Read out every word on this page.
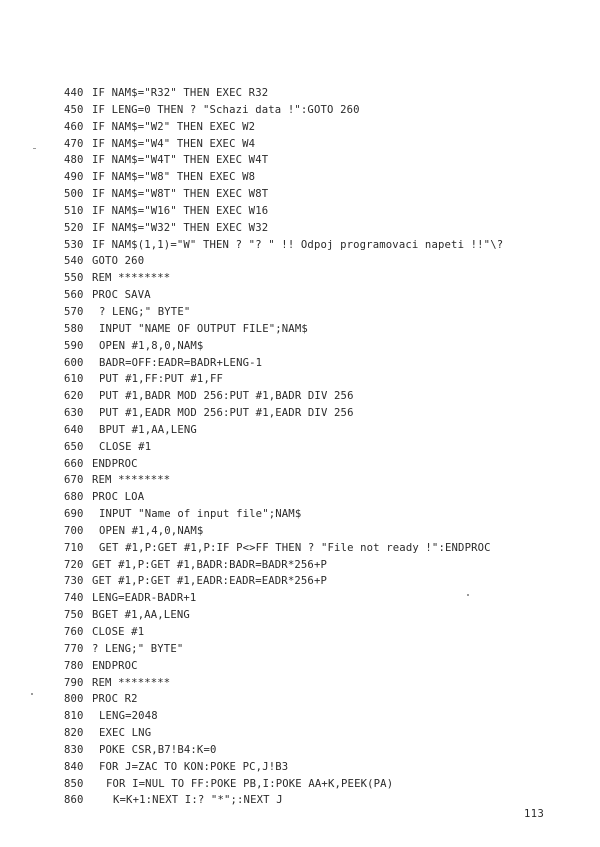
440 IF NAM$="R32" THEN EXEC R32
450 IF LENG=0 THEN ? "Schazi data !":GOTO 260
460 IF NAM$="W2" THEN EXEC W2
470 IF NAM$="W4" THEN EXEC W4
480 IF NAM$="W4T" THEN EXEC W4T
490 IF NAM$="W8" THEN EXEC W8
500 IF NAM$="W8T" THEN EXEC W8T
510 IF NAM$="W16" THEN EXEC W16
520 IF NAM$="W32" THEN EXEC W32
530 IF NAM$(1,1)="W" THEN ? "? " !! Odpoj programovaci napeti !!"\?
540 GOTO 260
550 REM ********
560 PROC SAVA
570 ? LENG;" BYTE"
580 INPUT "NAME OF OUTPUT FILE";NAM$
590 OPEN #1,8,0,NAM$
600 BADR=OFF:EADR=BADR+LENG-1
610 PUT #1,FF:PUT #1,FF
620 PUT #1,BADR MOD 256:PUT #1,BADR DIV 256
630 PUT #1,EADR MOD 256:PUT #1,EADR DIV 256
640 BPUT #1,AA,LENG
650 CLOSE #1
660 ENDPROC
670 REM ********
680 PROC LOA
690 INPUT "Name of input file";NAM$
700 OPEN #1,4,0,NAM$
710 GET #1,P:GET #1,P:IF P<>FF THEN ? "File not ready !":ENDPROC
720 GET #1,P:GET #1,BADR:BADR=BADR*256+P
730 GET #1,P:GET #1,EADR:EADR=EADR*256+P
740 LENG=EADR-BADR+1
750 BGET #1,AA,LENG
760 CLOSE #1
770 ? LENG;" BYTE"
780 ENDPROC
790 REM ********
800 PROC R2
810 LENG=2048
820 EXEC LNG
830 POKE CSR,B7!B4:K=0
840 FOR J=ZAC TO KON:POKE PC,J!B3
850 FOR I=NUL TO FF:POKE PB,I:POKE AA+K,PEEK(PA)
860	K=K+1:NEXT I:? "*";:NEXT J
113
